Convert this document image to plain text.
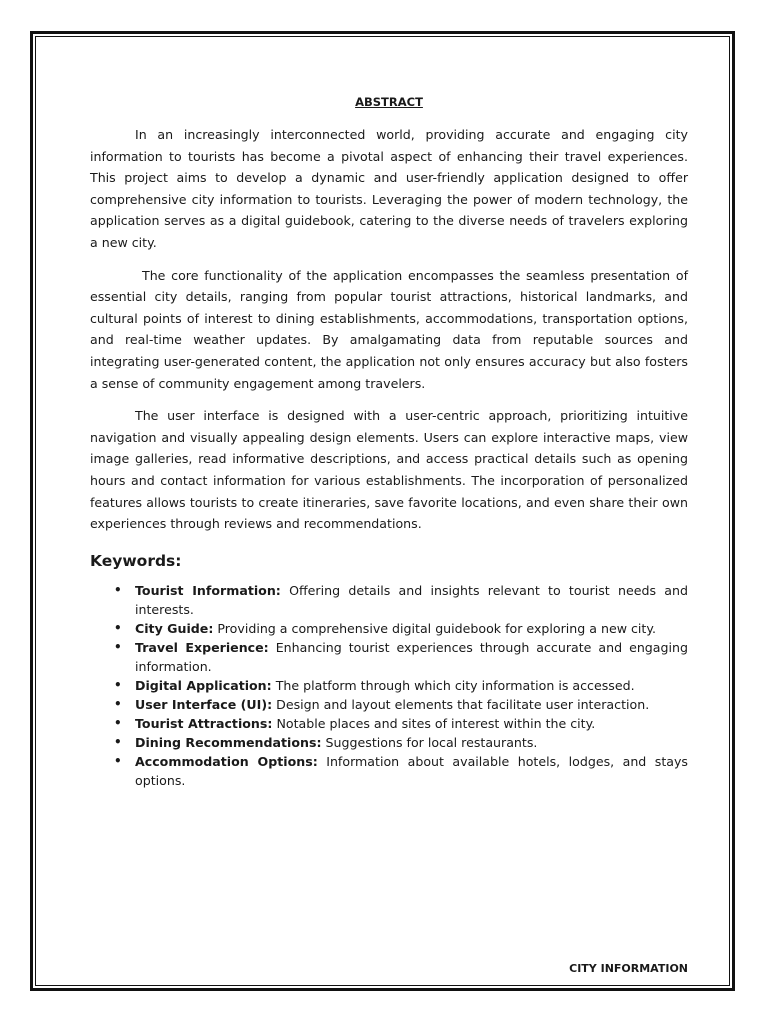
ABSTRACT

In an increasingly interconnected world, providing accurate and engaging city information to tourists has become a pivotal aspect of enhancing their travel experiences. This project aims to develop a dynamic and user-friendly application designed to offer comprehensive city information to tourists. Leveraging the power of modern technology, the application serves as a digital guidebook, catering to the diverse needs of travelers exploring a new city.

The core functionality of the application encompasses the seamless presentation of essential city details, ranging from popular tourist attractions, historical landmarks, and cultural points of interest to dining establishments, accommodations, transportation options, and real-time weather updates. By amalgamating data from reputable sources and integrating user-generated content, the application not only ensures accuracy but also fosters a sense of community engagement among travelers.

The user interface is designed with a user-centric approach, prioritizing intuitive navigation and visually appealing design elements. Users can explore interactive maps, view image galleries, read informative descriptions, and access practical details such as opening hours and contact information for various establishments. The incorporation of personalized features allows tourists to create itineraries, save favorite locations, and even share their own experiences through reviews and recommendations.

Keywords:
• Tourist Information: Offering details and insights relevant to tourist needs and interests.
• City Guide: Providing a comprehensive digital guidebook for exploring a new city.
• Travel Experience: Enhancing tourist experiences through accurate and engaging information.
• Digital Application: The platform through which city information is accessed.
• User Interface (UI): Design and layout elements that facilitate user interaction.
• Tourist Attractions: Notable places and sites of interest within the city.
• Dining Recommendations: Suggestions for local restaurants.
• Accommodation Options: Information about available hotels, lodges, and stays options.
CITY INFORMATION
